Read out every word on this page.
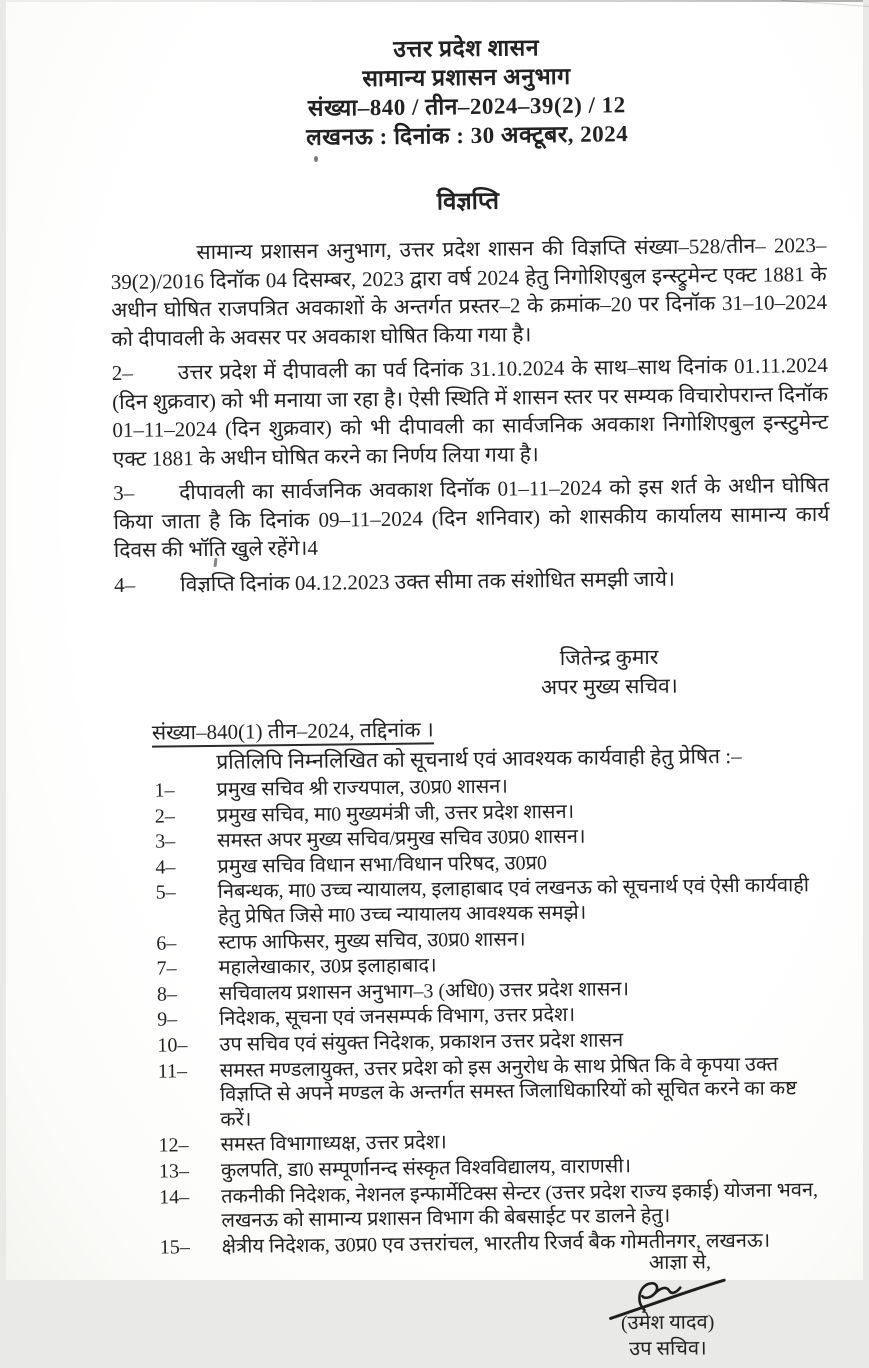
उत्तर प्रदेश शासन
सामान्य प्रशासन अनुभाग
संख्या–840 / तीन–2024–39(2) / 12
लखनऊ : दिनांक : 30 अक्टूबर, 2024
विज्ञप्ति

सामान्य प्रशासन अनुभाग, उत्तर प्रदेश शासन की विज्ञप्ति संख्या–528/तीन– 2023–39(2)/2016 दिनॉक 04 दिसम्बर, 2023 द्वारा वर्ष 2024 हेतु निगोशिएबुल इन्स्ट्रुमेन्ट एक्ट 1881 के अधीन घोषित राजपत्रित अवकाशों के अन्तर्गत प्रस्तर–2 के क्रमांक–20 पर दिनॉक 31–10–2024 को दीपावली के अवसर पर अवकाश घोषित किया गया है।

2– उत्तर प्रदेश में दीपावली का पर्व दिनांक 31.10.2024 के साथ–साथ दिनांक 01.11.2024 (दिन शुक्रवार) को भी मनाया जा रहा है। ऐसी स्थिति में शासन स्तर पर सम्यक विचारोपरान्त दिनॉक 01–11–2024 (दिन शुक्रवार) को भी दीपावली का सार्वजनिक अवकाश निगोशिएबुल इन्स्टुमेन्ट एक्ट 1881 के अधीन घोषित करने का निर्णय लिया गया है।

3– दीपावली का सार्वजनिक अवकाश दिनॉक 01–11–2024 को इस शर्त के अधीन घोषित किया जाता है कि दिनांक 09–11–2024 (दिन शनिवार) को शासकीय कार्यालय सामान्य कार्य दिवस की भॉति खुले रहेंगे।4

4– विज्ञप्ति दिनांक 04.12.2023 उक्त सीमा तक संशोधित समझी जाये।

जितेन्द्र कुमार
अपर मुख्य सचिव।
संख्या–840(1) तीन–2024, तद्दिनांक ।
प्रतिलिपि निम्नलिखित को सूचनार्थ एवं आवश्यक कार्यवाही हेतु प्रेषित :–
1–	प्रमुख सचिव श्री राज्यपाल, उ0प्र0 शासन।
2–	प्रमुख सचिव, मा0 मुख्यमंत्री जी, उत्तर प्रदेश शासन।
3–	समस्त अपर मुख्य सचिव/प्रमुख सचिव उ0प्र0 शासन।
4–	प्रमुख सचिव विधान सभा/विधान परिषद, उ0प्र0
5–	निबन्धक, मा0 उच्च न्यायालय, इलाहाबाद एवं लखनऊ को सूचनार्थ एवं ऐसी कार्यवाही हेतु प्रेषित जिसे मा0 उच्च न्यायालय आवश्यक समझे।
6–	स्टाफ आफिसर, मुख्य सचिव, उ0प्र0 शासन।
7–	महालेखाकार, उ0प्र इलाहाबाद।
8–	सचिवालय प्रशासन अनुभाग–3 (अधि0) उत्तर प्रदेश शासन।
9–	निदेशक, सूचना एवं जनसम्पर्क विभाग, उत्तर प्रदेश।
10–	उप सचिव एवं संयुक्त निदेशक, प्रकाशन उत्तर प्रदेश शासन
11–	समस्त मण्डलायुक्त, उत्तर प्रदेश को इस अनुरोध के साथ प्रेषित कि वे कृपया उक्त विज्ञप्ति से अपने मण्डल के अन्तर्गत समस्त जिलाधिकारियों को सूचित करने का कष्ट करें।
12–	समस्त विभागाध्यक्ष, उत्तर प्रदेश।
13–	कुलपति, डा0 सम्पूर्णानन्द संस्कृत विश्वविद्यालय, वाराणसी।
14–	तकनीकी निदेशक, नेशनल इन्फार्मेटिक्स सेन्टर (उत्तर प्रदेश राज्य इकाई) योजना भवन, लखनऊ को सामान्य प्रशासन विभाग की बेबसाईट पर डालने हेतु।
15–	क्षेत्रीय निदेशक, उ0प्र0 एव उत्तरांचल, भारतीय रिजर्व बैक गोमतीनगर, लखनऊ।
आज्ञा से,
(उमेश यादव)
उप सचिव।
